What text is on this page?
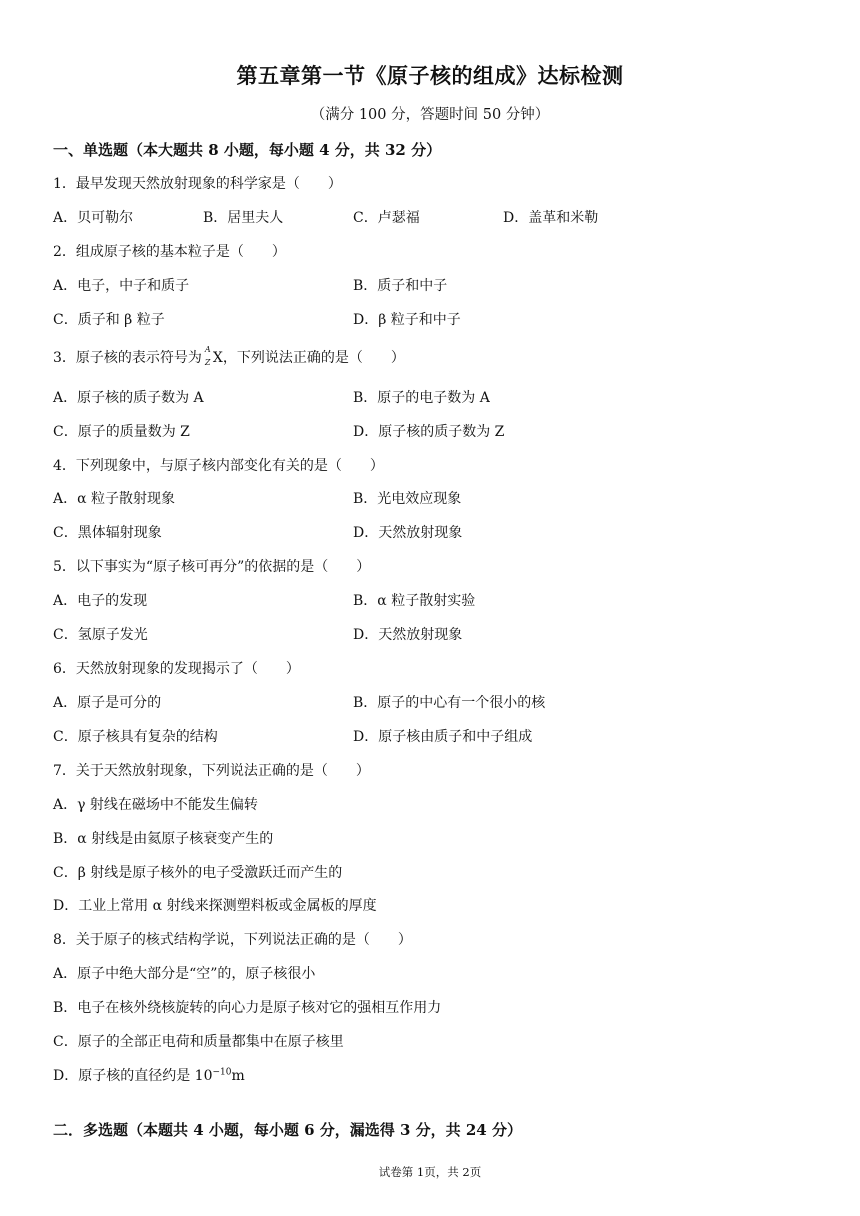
第五章第一节《原子核的组成》达标检测
（满分 100 分，答题时间 50 分钟）
一、单选题（本大题共 8 小题，每小题 4 分，共 32 分）
1．最早发现天然放射现象的科学家是（　　）
A．贝可勒尔	B．居里夫人	C．卢瑟福	D．盖革和米勒
2．组成原子核的基本粒子是（　　）
A．电子，中子和质子	B．质子和中子
C．质子和 β 粒子	D．β 粒子和中子
3．原子核的表示符号为
A
Z X，下列说法正确的是（　　）
A．原子核的质子数为 A	B．原子的电子数为 A
C．原子的质量数为 Z	D．原子核的质子数为 Z
4．下列现象中，与原子核内部变化有关的是（　　）
A．α 粒子散射现象	B．光电效应现象
C．黑体辐射现象	D．天然放射现象
5．以下事实为“原子核可再分”的依据的是（　　）
A．电子的发现	B．α 粒子散射实验
C．氢原子发光	D．天然放射现象
6．天然放射现象的发现揭示了（　　）
A．原子是可分的	B．原子的中心有一个很小的核
C．原子核具有复杂的结构	D．原子核由质子和中子组成
7．关于天然放射现象，下列说法正确的是（　　）
A．γ 射线在磁场中不能发生偏转
B．α 射线是由氦原子核衰变产生的
C．β 射线是原子核外的电子受激跃迁而产生的
D．工业上常用 α 射线来探测塑料板或金属板的厚度
8．关于原子的核式结构学说，下列说法正确的是（　　）
A．原子中绝大部分是“空”的，原子核很小
B．电子在核外绕核旋转的向心力是原子核对它的强相互作用力
C．原子的全部正电荷和质量都集中在原子核里
D．原子核的直径约是 $10^{-10}m$
二．多选题（本题共 4 小题，每小题 6 分，漏选得 3 分，共 24 分）
试卷第 1页，共 2页
